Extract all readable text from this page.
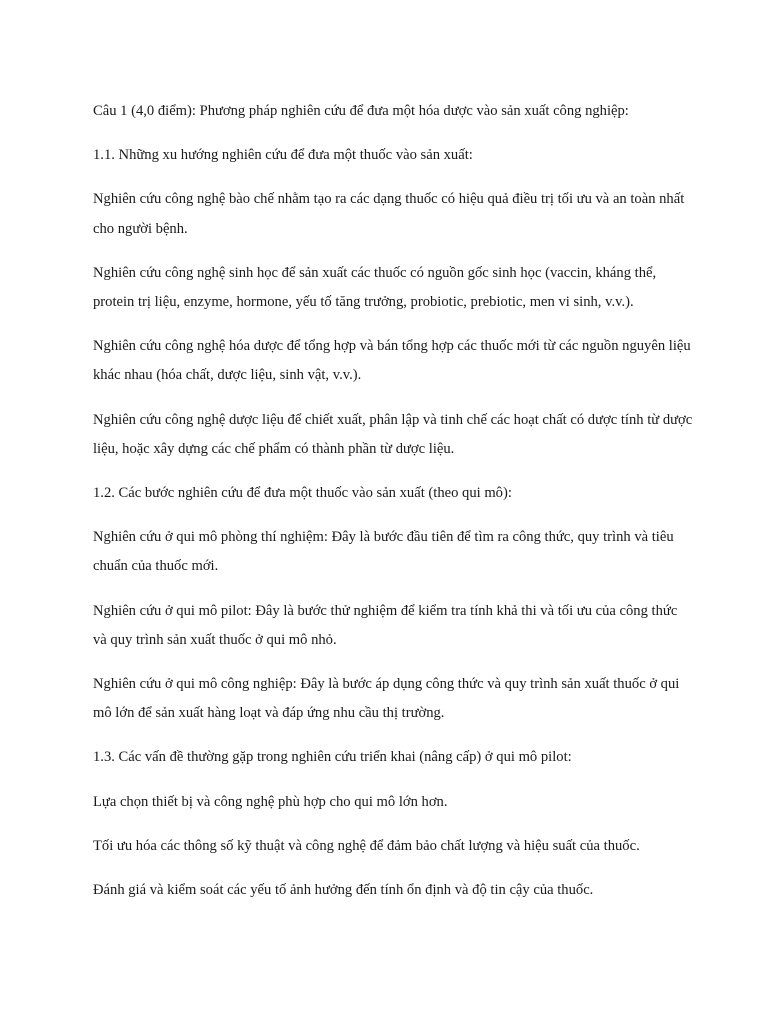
Câu 1 (4,0 điểm): Phương pháp nghiên cứu để đưa một hóa dược vào sản xuất công nghiệp:

1.1. Những xu hướng nghiên cứu để đưa một thuốc vào sản xuất:

Nghiên cứu công nghệ bào chế nhằm tạo ra các dạng thuốc có hiệu quả điều trị tối ưu và an toàn nhất cho người bệnh.

Nghiên cứu công nghệ sinh học để sản xuất các thuốc có nguồn gốc sinh học (vaccin, kháng thể, protein trị liệu, enzyme, hormone, yếu tố tăng trưởng, probiotic, prebiotic, men vi sinh, v.v.).

Nghiên cứu công nghệ hóa dược để tổng hợp và bán tổng hợp các thuốc mới từ các nguồn nguyên liệu khác nhau (hóa chất, dược liệu, sinh vật, v.v.).

Nghiên cứu công nghệ dược liệu để chiết xuất, phân lập và tinh chế các hoạt chất có dược tính từ dược liệu, hoặc xây dựng các chế phẩm có thành phần từ dược liệu.

1.2. Các bước nghiên cứu để đưa một thuốc vào sản xuất (theo qui mô):

Nghiên cứu ở qui mô phòng thí nghiệm: Đây là bước đầu tiên để tìm ra công thức, quy trình và tiêu chuẩn của thuốc mới.

Nghiên cứu ở qui mô pilot: Đây là bước thử nghiệm để kiểm tra tính khả thi và tối ưu của công thức và quy trình sản xuất thuốc ở qui mô nhỏ.

Nghiên cứu ở qui mô công nghiệp: Đây là bước áp dụng công thức và quy trình sản xuất thuốc ở qui mô lớn để sản xuất hàng loạt và đáp ứng nhu cầu thị trường.

1.3. Các vấn đề thường gặp trong nghiên cứu triển khai (nâng cấp) ở qui mô pilot:

Lựa chọn thiết bị và công nghệ phù hợp cho qui mô lớn hơn.

Tối ưu hóa các thông số kỹ thuật và công nghệ để đảm bảo chất lượng và hiệu suất của thuốc.

Đánh giá và kiểm soát các yếu tố ảnh hưởng đến tính ổn định và độ tin cậy của thuốc.
